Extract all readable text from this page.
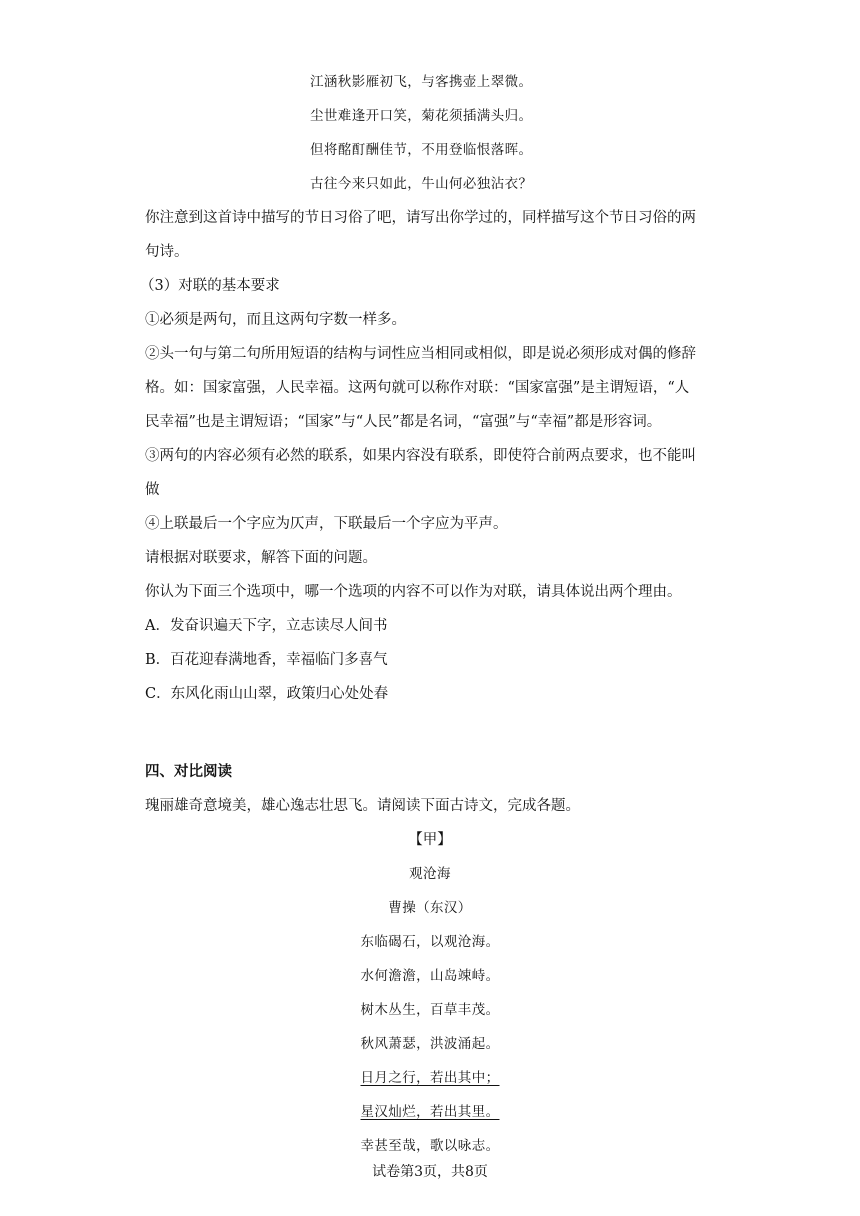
江涵秋影雁初飞，与客携壶上翠微。
尘世难逢开口笑，菊花须插满头归。
但将酩酊酬佳节，不用登临恨落晖。
古往今来只如此，牛山何必独沾衣？
你注意到这首诗中描写的节日习俗了吧，请写出你学过的，同样描写这个节日习俗的两
句诗。
（3）对联的基本要求
①必须是两句，而且这两句字数一样多。
②头一句与第二句所用短语的结构与词性应当相同或相似，即是说必须形成对偶的修辞
格。如：国家富强，人民幸福。这两句就可以称作对联：“国家富强”是主谓短语，“人
民幸福”也是主谓短语；“国家”与“人民”都是名词，“富强”与“幸福”都是形容词。
③两句的内容必须有必然的联系，如果内容没有联系，即使符合前两点要求，也不能叫
做
④上联最后一个字应为仄声，下联最后一个字应为平声。
请根据对联要求，解答下面的问题。
你认为下面三个选项中，哪一个选项的内容不可以作为对联，请具体说出两个理由。
A．发奋识遍天下字，立志读尽人间书
B．百花迎春满地香，幸福临门多喜气
C．东风化雨山山翠，政策归心处处春
四、对比阅读
瑰丽雄奇意境美，雄心逸志壮思飞。请阅读下面古诗文，完成各题。
【甲】
观沧海
曹操（东汉）
东临碣石，以观沧海。
水何澹澹，山岛竦峙。
树木丛生，百草丰茂。
秋风萧瑟，洪波涌起。
日月之行，若出其中；
星汉灿烂，若出其里。
幸甚至哉，歌以咏志。
试卷第3页，共8页
